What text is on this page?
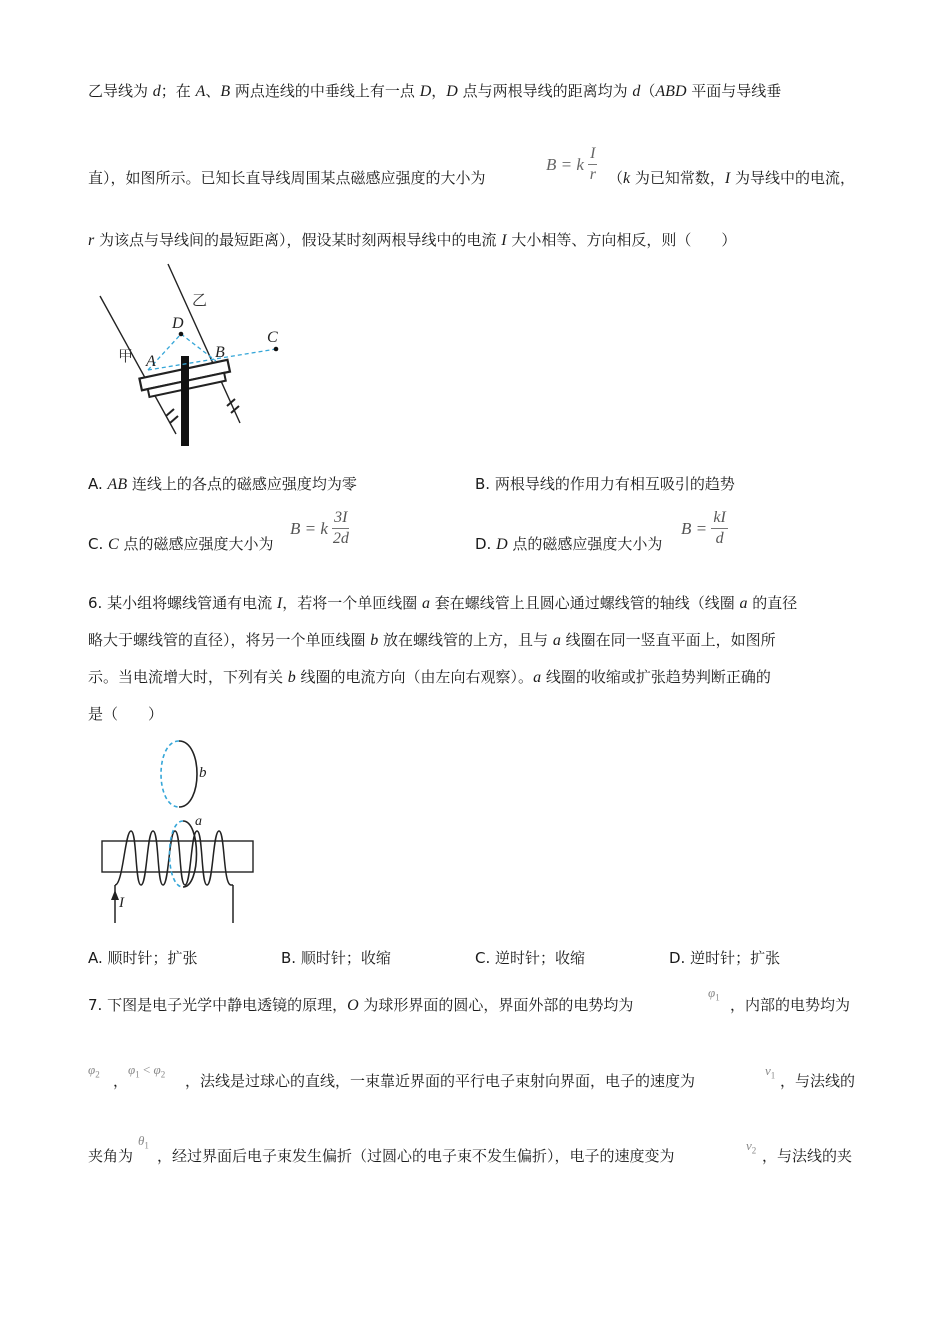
乙导线为 d；在 A、B 两点连线的中垂线上有一点 D，D 点与两根导线的距离均为 d（ABD 平面与导线垂
直），如图所示。已知长直导线周围某点磁感应强度的大小为
B = k $\frac{I}{r} (k$ 为已知常数，I 为导线中的电流，
r 为该点与导线间的最短距离），假设某时刻两根导线中的电流 I 大小相等、方向相反，则（　　）
乙
甲
D
A
B
C
A. AB 连线上的各点的磁感应强度均为零	B. 两根导线的作用力有相互吸引的趋势
C. C 点的磁感应强度大小为
B = k $\frac{3I}{2d}$	D. D 点的磁感应强度大小为
$B = \frac{kI}{d}$
6. 某小组将螺线管通有电流 I，若将一个单匝线圈 a 套在螺线管上且圆心通过螺线管的轴线（线圈 a 的直径
略大于螺线管的直径），将另一个单匝线圈 b 放在螺线管的上方，且与 a 线圈在同一竖直平面上，如图所
示。当电流增大时，下列有关 b 线圈的电流方向（由左向右观察）。a 线圈的收缩或扩张趋势判断正确的
是（　　）
b
a
I
A. 顺时针；扩张	B. 顺时针；收缩	C. 逆时针；收缩	D. 逆时针；扩张
7. 下图是电子光学中静电透镜的原理，O 为球形界面的圆心，界面外部的电势均为
$\varphi_1$ ，内部的电势均为
$\varphi_2$ ，
$\varphi_1 < \varphi_2$ ，法线是过球心的直线，一束靠近界面的平行电子束射向界面，电子的速度为
$v_1$ ，与法线的
夹角为
$\theta_1$
，经过界面后电子束发生偏折（过圆心的电子束不发生偏折），电子的速度变为
$v_2$ ，与法线的夹
